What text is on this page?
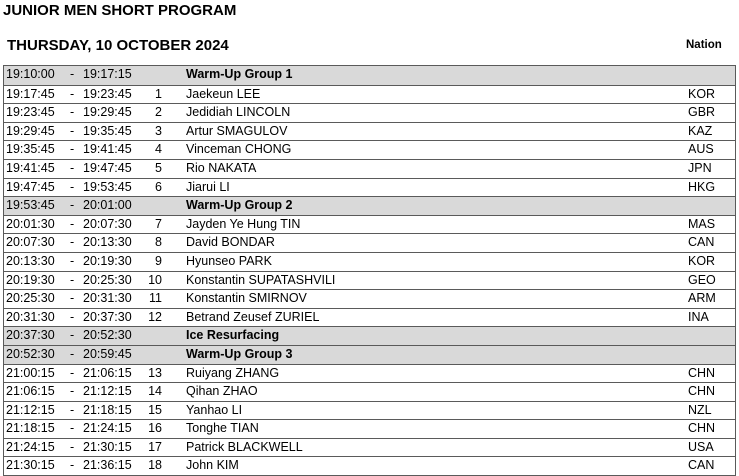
JUNIOR MEN SHORT PROGRAM
THURSDAY, 10 OCTOBER 2024	Nation
19:10:00 - 19:17:15	Warm-Up Group 1
19:17:45 - 19:23:45	1 Jaekeun LEE	KOR
19:23:45 - 19:29:45	2 Jedidiah LINCOLN	GBR
19:29:45 - 19:35:45	3 Artur SMAGULOV	KAZ
19:35:45 - 19:41:45	4 Vinceman CHONG	AUS
19:41:45 - 19:47:45	5 Rio NAKATA	JPN
19:47:45 - 19:53:45	6 Jiarui LI	HKG
19:53:45 - 20:01:00	Warm-Up Group 2
20:01:30 - 20:07:30	7 Jayden Ye Hung TIN	MAS
20:07:30 - 20:13:30	8 David BONDAR	CAN
20:13:30 - 20:19:30	9 Hyunseo PARK	KOR
20:19:30 - 20:25:30	10 Konstantin SUPATASHVILI	GEO
20:25:30 - 20:31:30	11 Konstantin SMIRNOV	ARM
20:31:30 - 20:37:30	12 Betrand Zeusef ZURIEL	INA
20:37:30 - 20:52:30	Ice Resurfacing
20:52:30 - 20:59:45	Warm-Up Group 3
21:00:15 - 21:06:15	13 Ruiyang ZHANG	CHN
21:06:15 - 21:12:15	14 Qihan ZHAO	CHN
21:12:15 - 21:18:15	15 Yanhao LI	NZL
21:18:15 - 21:24:15	16 Tonghe TIAN	CHN
21:24:15 - 21:30:15	17 Patrick BLACKWELL	USA
21:30:15 - 21:36:15	18 John KIM	CAN
